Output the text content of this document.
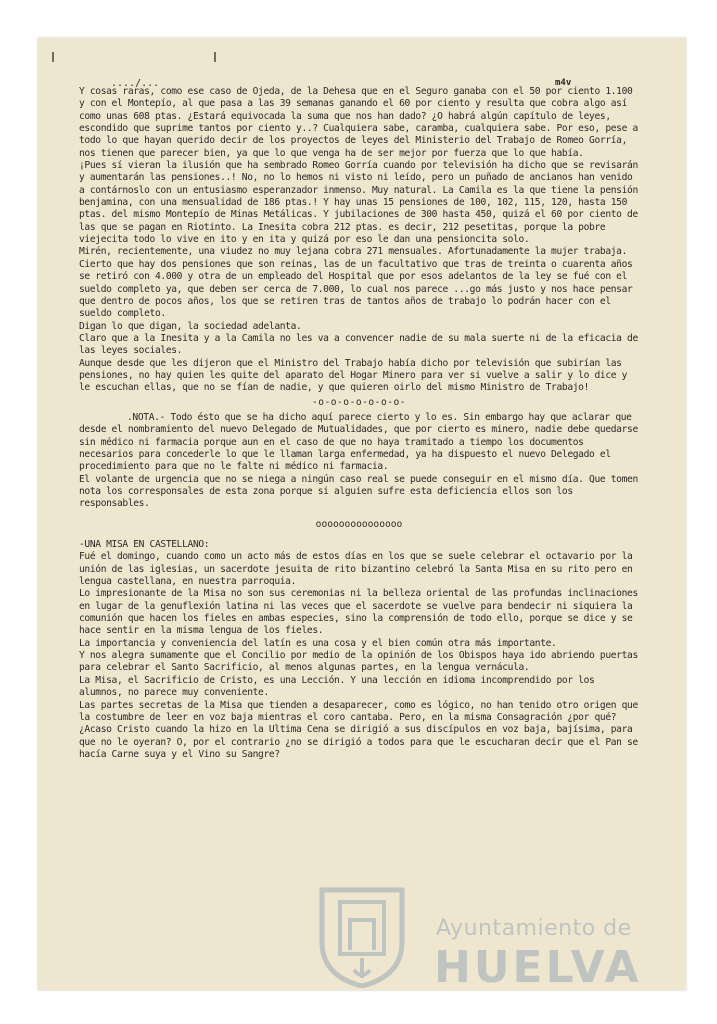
..../...	m4v

Y cosas raras, como ese caso de Ojeda, de la Dehesa que en el Seguro ganaba con el 50 por ciento 1.100 y con el Montepío, al que pasa a las 39 semanas ganando el 60 por ciento y resulta que cobra algo así como unas 608 ptas. ¿Estará equivocada la suma que nos han dado? ¿O habrá algún capítulo de leyes, escondido que suprime tantos por ciento y..? Cualquiera sabe, caramba, cualquiera sabe. Por eso, pese a todo lo que hayan querido decir de los proyectos de leyes del Ministerio del Trabajo de Romeo Gorría, nos tienen que parecer bien, ya que lo que venga ha de ser mejor por fuerza que lo que había.

¡Pues sí vieran la ilusión que ha sembrado Romeo Gorría cuando por televisión ha dicho que se revisarán y aumentarán las pensiones..! No, no lo hemos ni visto ni leído, pero un puñado de ancianos han venido a contárnoslo con un entusiasmo esperanzador inmenso. Muy natural. La Camila es la que tiene la pensión benjamina, con una mensualidad de 186 ptas.! Y hay unas 15 pensiones de 100, 102, 115, 120, hasta 150 ptas. del mismo Montepío de Minas Metálicas. Y jubilaciones de 300 hasta 450, quizá el 60 por ciento de las que se pagan en Riotinto. La Inesita cobra 212 ptas. es decir, 212 pesetitas, porque la pobre viejecita todo lo vive en ito y en ita y quizá por eso le dan una pensioncita solo.

Mirén, recientemente, una viudez no muy lejana cobra 271 mensuales. Afortunadamente la mujer trabaja.

Cierto que hay dos pensiones que son reinas, las de un facultativo que tras de treinta o cuarenta años se retiró con 4.000 y otra de un empleado del Hospital que por esos adelantos de la ley se fué con el sueldo completo ya, que deben ser cerca de 7.000, lo cual nos parece ...go más justo y nos hace pensar que dentro de pocos años, los que se retiren tras de tantos años de trabajo lo podrán hacer con el sueldo completo.

Digan lo que digan, la sociedad adelanta.

Claro que a la Inesita y a la Camila no les va a convencer nadie de su mala suerte ni de la eficacia de las leyes sociales.

Aunque desde que les dijeron que el Ministro del Trabajo había dicho por televisión que subirían las pensiones, no hay quien les quite del aparato del Hogar Minero para ver si vuelve a salir y lo dice y le escuchan ellas, que no se fían de nadie, y que quieren oirlo del mismo Ministro de Trabajo!

-o-o-o-o-o-o-o-

.NOTA.- Todo ésto que se ha dicho aquí parece cierto y lo es. Sin embargo hay que aclarar que desde el nombramiento del nuevo Delegado de Mutualidades, que por cierto es minero, nadie debe quedarse sin médico ni farmacia porque aun en el caso de que no haya tramitado a tiempo los documentos necesarios para concederle lo que le llaman larga enfermedad, ya ha dispuesto el nuevo Delegado el procedimiento para que no le falte ni médico ni farmacia.

El volante de urgencia que no se niega a ningún caso real se puede conseguir en el mismo día. Que tomen nota los corresponsales de esta zona porque si alguien sufre esta deficiencia ellos son los responsables.

ooooooooooooooo

-UNA MISA EN CASTELLANO:

Fué el domingo, cuando como un acto más de estos días en los que se suele celebrar el octavario por la unión de las iglesias, un sacerdote jesuita de rito bizantino celebró la Santa Misa en su rito pero en lengua castellana, en nuestra parroquia.

Lo impresionante de la Misa no son sus ceremonias ni la belleza oriental de las profundas inclinaciones en lugar de la genuflexión latina ni las veces que el sacerdote se vuelve para bendecir ni siquiera la comunión que hacen los fieles en ambas especies, sino la comprensión de todo ello, porque se dice y se hace sentir en la misma lengua de los fieles.

La importancia y conveniencia del latín es una cosa y el bien común otra más importante.

Y nos alegra sumamente que el Concilio por medio de la opinión de los Obispos haya ido abriendo puertas para celebrar el Santo Sacrificio, al menos algunas partes, en la lengua vernácula.

La Misa, el Sacrificio de Cristo, es una Lección. Y una lección en idioma incomprendido por los alumnos, no parece muy conveniente.

Las partes secretas de la Misa que tienden a desaparecer, como es lógico, no han tenido otro origen que la costumbre de leer en voz baja mientras el coro cantaba. Pero, en la misma Consagración ¿por qué? ¿Acaso Cristo cuando la hizo en la Ultima Cena se dirigió a sus discípulos en voz baja, bajísima, para que no le oyeran? O, por el contrario ¿no se dirigió a todos para que le escucharan decir que el Pan se hacía Carne suya y el Vino su Sangre?

Ayuntamiento de
HUELVA
